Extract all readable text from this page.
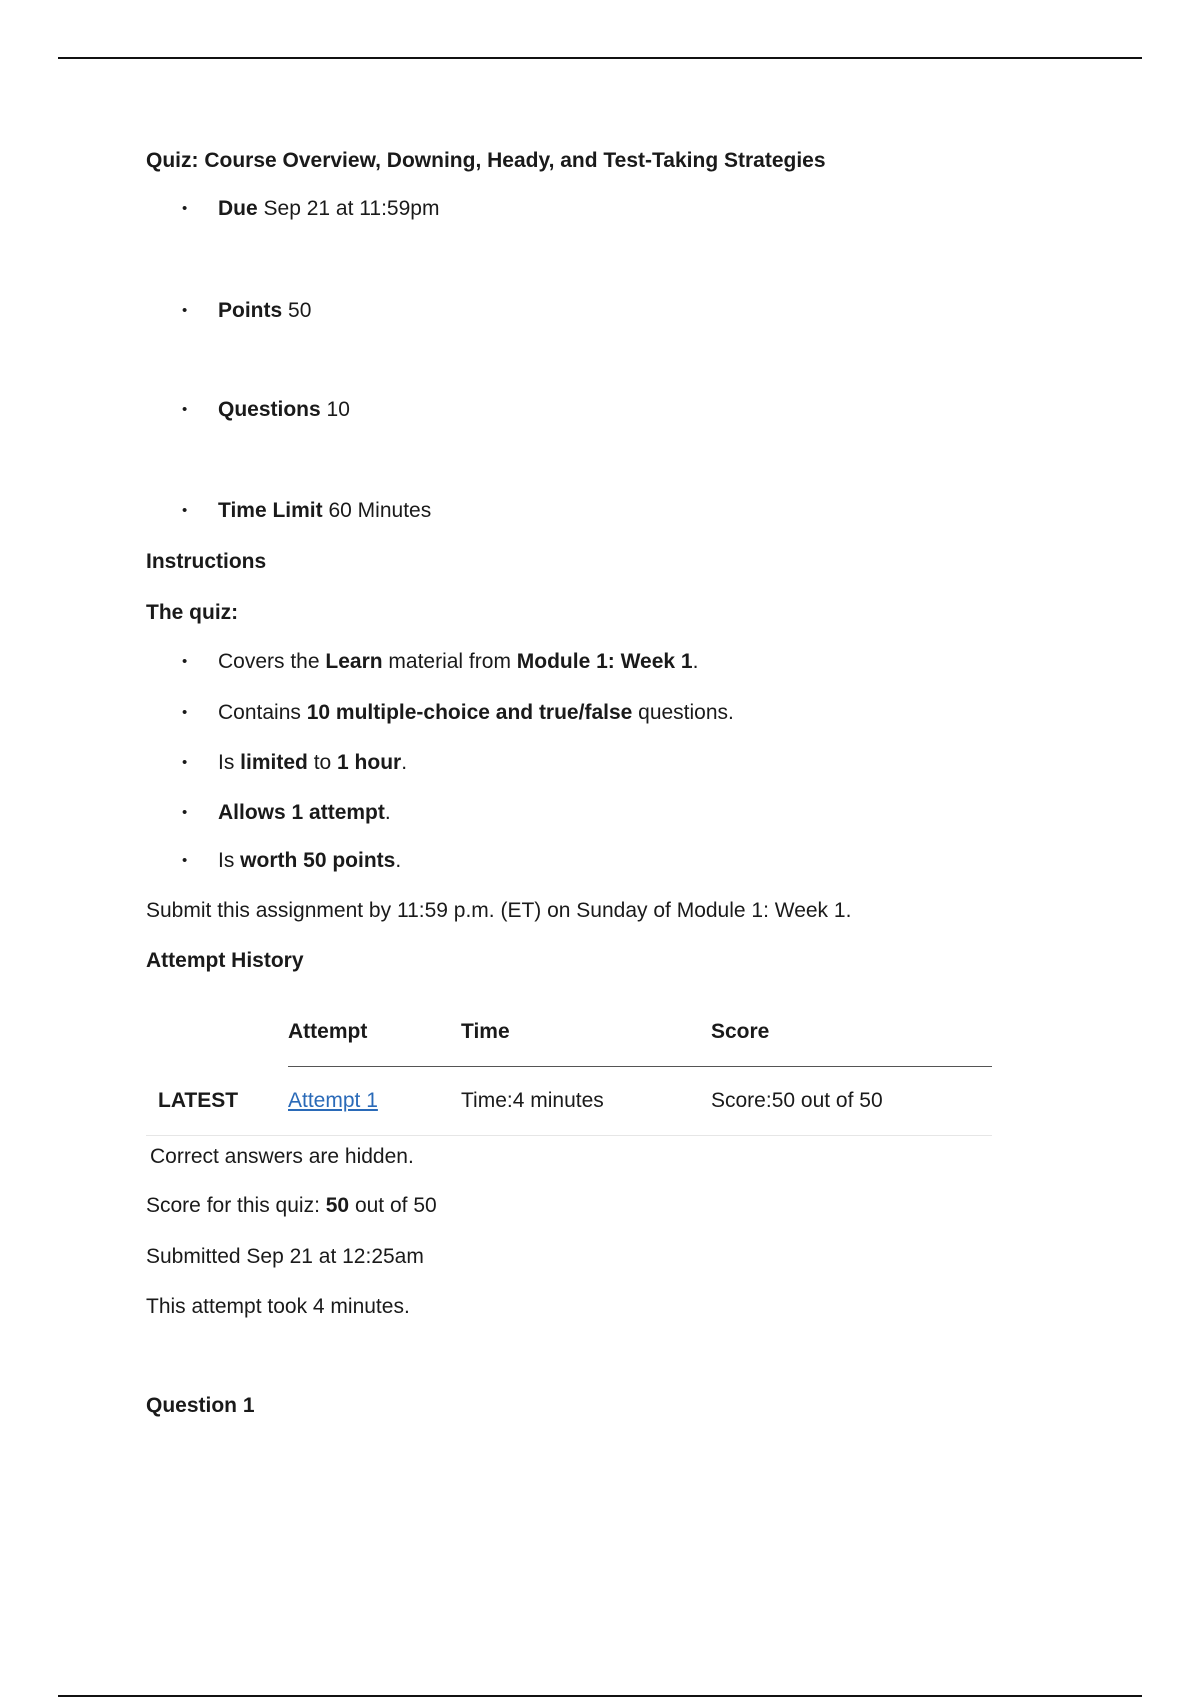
Quiz: Course Overview, Downing, Heady, and Test-Taking Strategies
• Due Sep 21 at 11:59pm
• Points 50
• Questions 10
• Time Limit 60 Minutes
Instructions
The quiz:
• Covers the Learn material from Module 1: Week 1.
• Contains 10 multiple-choice and true/false questions.
• Is limited to 1 hour.
• Allows 1 attempt.
• Is worth 50 points.
Submit this assignment by 11:59 p.m. (ET) on Sunday of Module 1: Week 1.
Attempt History
	Attempt	Time	Score
LATEST	Attempt 1	Time:4 minutes	Score:50 out of 50
Correct answers are hidden.
Score for this quiz: 50 out of 50
Submitted Sep 21 at 12:25am
This attempt took 4 minutes.
Question 1
